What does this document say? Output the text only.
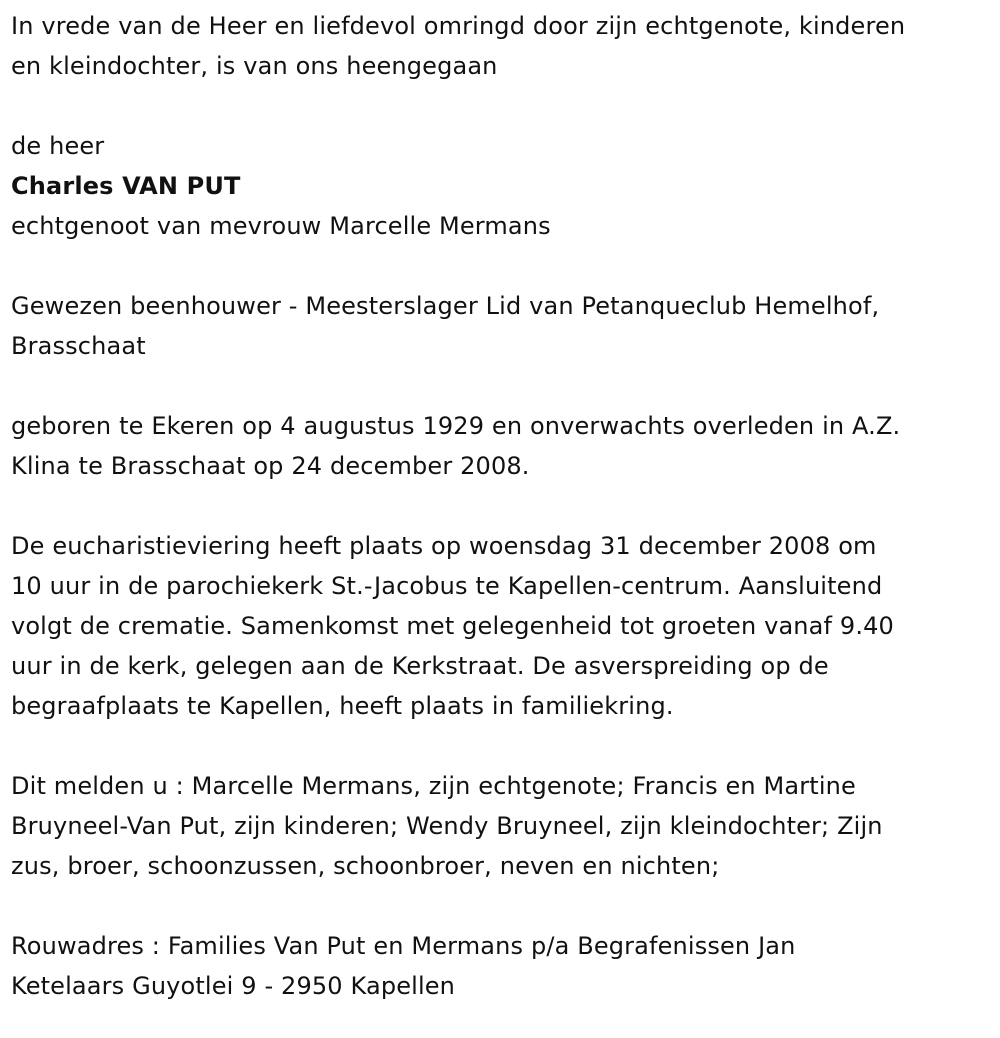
In vrede van de Heer en liefdevol omringd door zijn echtgenote, kinderen

en kleindochter, is van ons heengegaan

de heer

Charles VAN PUT

echtgenoot van mevrouw Marcelle Mermans

Gewezen beenhouwer - Meesterslager Lid van Petanqueclub Hemelhof,

Brasschaat

geboren te Ekeren op 4 augustus 1929 en onverwachts overleden in A.Z.

Klina te Brasschaat op 24 december 2008.

De eucharistieviering heeft plaats op woensdag 31 december 2008 om

10 uur in de parochiekerk St.-Jacobus te Kapellen-centrum. Aansluitend

volgt de crematie. Samenkomst met gelegenheid tot groeten vanaf 9.40

uur in de kerk, gelegen aan de Kerkstraat. De asverspreiding op de

begraafplaats te Kapellen, heeft plaats in familiekring.

Dit melden u : Marcelle Mermans, zijn echtgenote; Francis en Martine

Bruyneel-Van Put, zijn kinderen; Wendy Bruyneel, zijn kleindochter; Zijn

zus, broer, schoonzussen, schoonbroer, neven en nichten;

Rouwadres : Families Van Put en Mermans p/a Begrafenissen Jan

Ketelaars Guyotlei 9 - 2950 Kapellen
